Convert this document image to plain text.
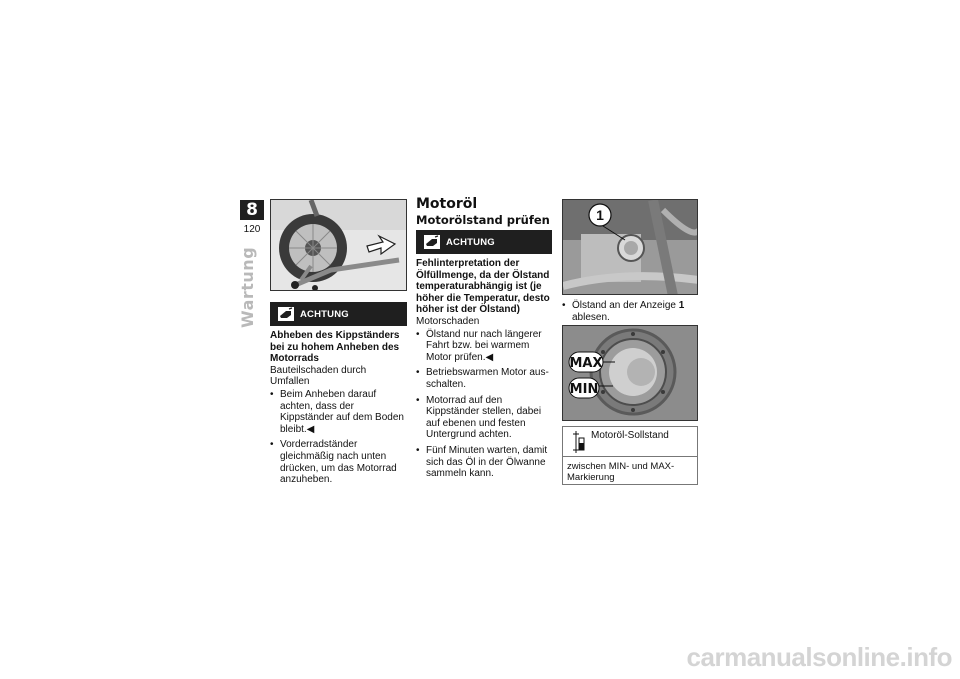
8
120
Wartung	ACHTUNG
Abheben des Kippständers bei zu hohem Anheben des Motorrads
Bauteilschaden durch Umfallen
• Beim Anheben darauf achten, dass der Kippständer auf dem Boden bleibt.◀
• Vorderradständer gleichmäßig nach unten drücken, um das Motorrad anzuheben.
Motoröl
Motorölstand prüfen
ACHTUNG
Fehlinterpretation der Ölfüllmenge, da der Ölstand temperaturabhängig ist (je höher die Temperatur, desto höher ist der Ölstand)
Motorschaden
• Ölstand nur nach längerer Fahrt bzw. bei warmem Motor prüfen.◀
• Betriebswarmen Motor ausschalten.
• Motorrad auf den Kippständer stellen, dabei auf ebenen und festen Untergrund achten.
• Fünf Minuten warten, damit sich das Öl in der Ölwanne sammeln kann.
1
• Ölstand an der Anzeige 1 ablesen.
MAX
MIN
Motoröl-Sollstand
zwischen MIN- und MAX-Markierung
carmanualsonline.info
